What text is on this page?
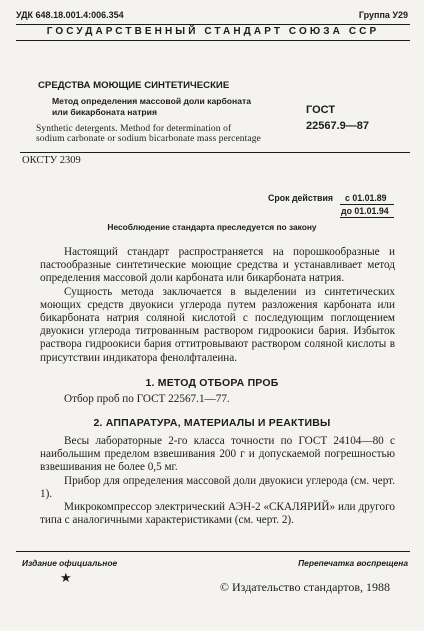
УДК 648.18.001.4:006.354	Группа У29
ГОСУДАРСТВЕННЫЙ СТАНДАРТ СОЮЗА ССР
СРЕДСТВА МОЮЩИЕ СИНТЕТИЧЕСКИЕ
Метод определения массовой доли карбоната
или бикарбоната натрия
Synthetic detergents. Method for determination of
sodium carbonate or sodium bicarbonate mass percentage
ГОСТ
22567.9—87
ОКСТУ 2309
Срок действия с 01.01.89
до 01.01.94
Несоблюдение стандарта преследуется по закону

Настоящий стандарт распространяется на порошкообразные и пастообразные синтетические моющие средства и устанавливает метод определения массовой доли карбоната или бикарбоната натрия.

Сущность метода заключается в выделении из синтетических моющих средств двуокиси углерода путем разложения карбоната или бикарбоната натрия соляной кислотой с последующим поглощением двуокиси углерода титрованным раствором гидроокиси бария. Избыток раствора гидроокиси бария оттитровывают раствором соляной кислоты в присутствии индикатора фенолфталеина.

1. МЕТОД ОТБОРА ПРОБ
Отбор проб по ГОСТ 22567.1—77.
2. АППАРАТУРА, МАТЕРИАЛЫ И РЕАКТИВЫ

Весы лабораторные 2-го класса точности по ГОСТ 24104—80 с наибольшим пределом взвешивания 200 г и допускаемой погрешностью взвешивания не более 0,5 мг.

Прибор для определения массовой доли двуокиси углерода (см. черт. 1).

Микрокомпрессор электрический АЭН-2 «СКАЛЯРИЙ» или другого типа с аналогичными характеристиками (см. черт. 2).

Издание официальное
★
Перепечатка воспрещена
© Издательство стандартов, 1988
